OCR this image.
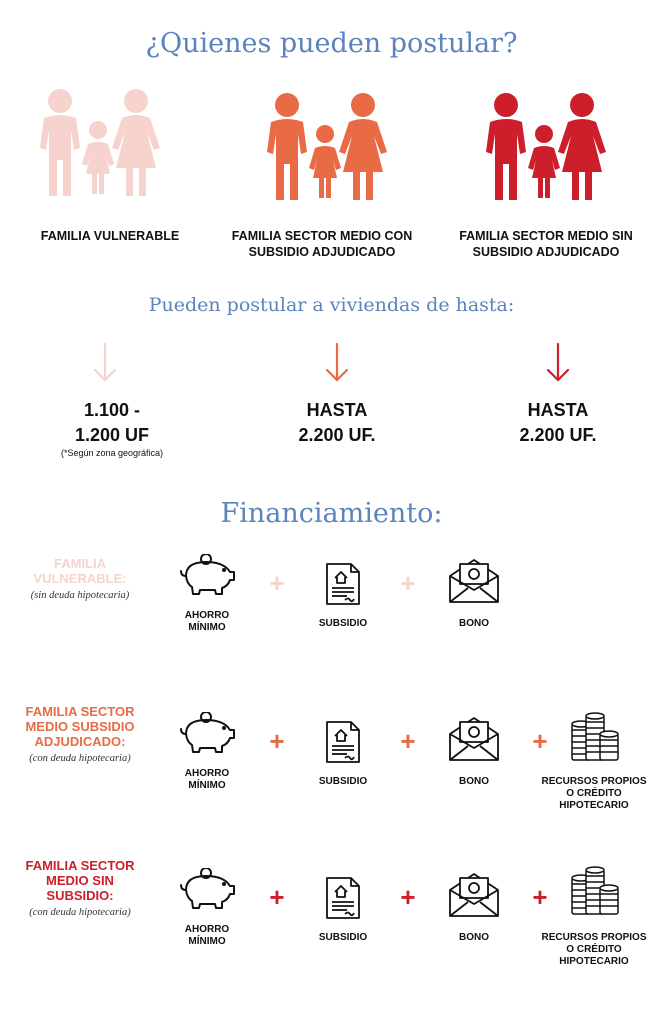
¿Quienes pueden postular?
FAMILIA VULNERABLE	FAMILIA SECTOR MEDIO CON SUBSIDIO ADJUDICADO
FAMILIA SECTOR MEDIO SIN SUBSIDIO ADJUDICADO
Pueden postular a viviendas de hasta:
1.100 -
1.200 UF
(*Según zona geográfica)
HASTA
2.200 UF.
HASTA
2.200 UF.
Financiamiento:
FAMILIA
VULNERABLE:
(sin deuda hipotecaria)
AHORRO
MÍNIMO
+
SUBSIDIO
+
BONO
FAMILIA SECTOR
MEDIO SUBSIDIO
ADJUDICADO:
(con deuda hipotecaria)
AHORRO
MÍNIMO
+
SUBSIDIO
+
BONO
+
RECURSOS PROPIOS
O CRÉDITO
HIPOTECARIO
FAMILIA SECTOR
MEDIO SIN
SUBSIDIO:
(con deuda hipotecaria)
AHORRO
MÍNIMO
+
SUBSIDIO
+
BONO
+
RECURSOS PROPIOS
O CRÉDITO
HIPOTECARIO
